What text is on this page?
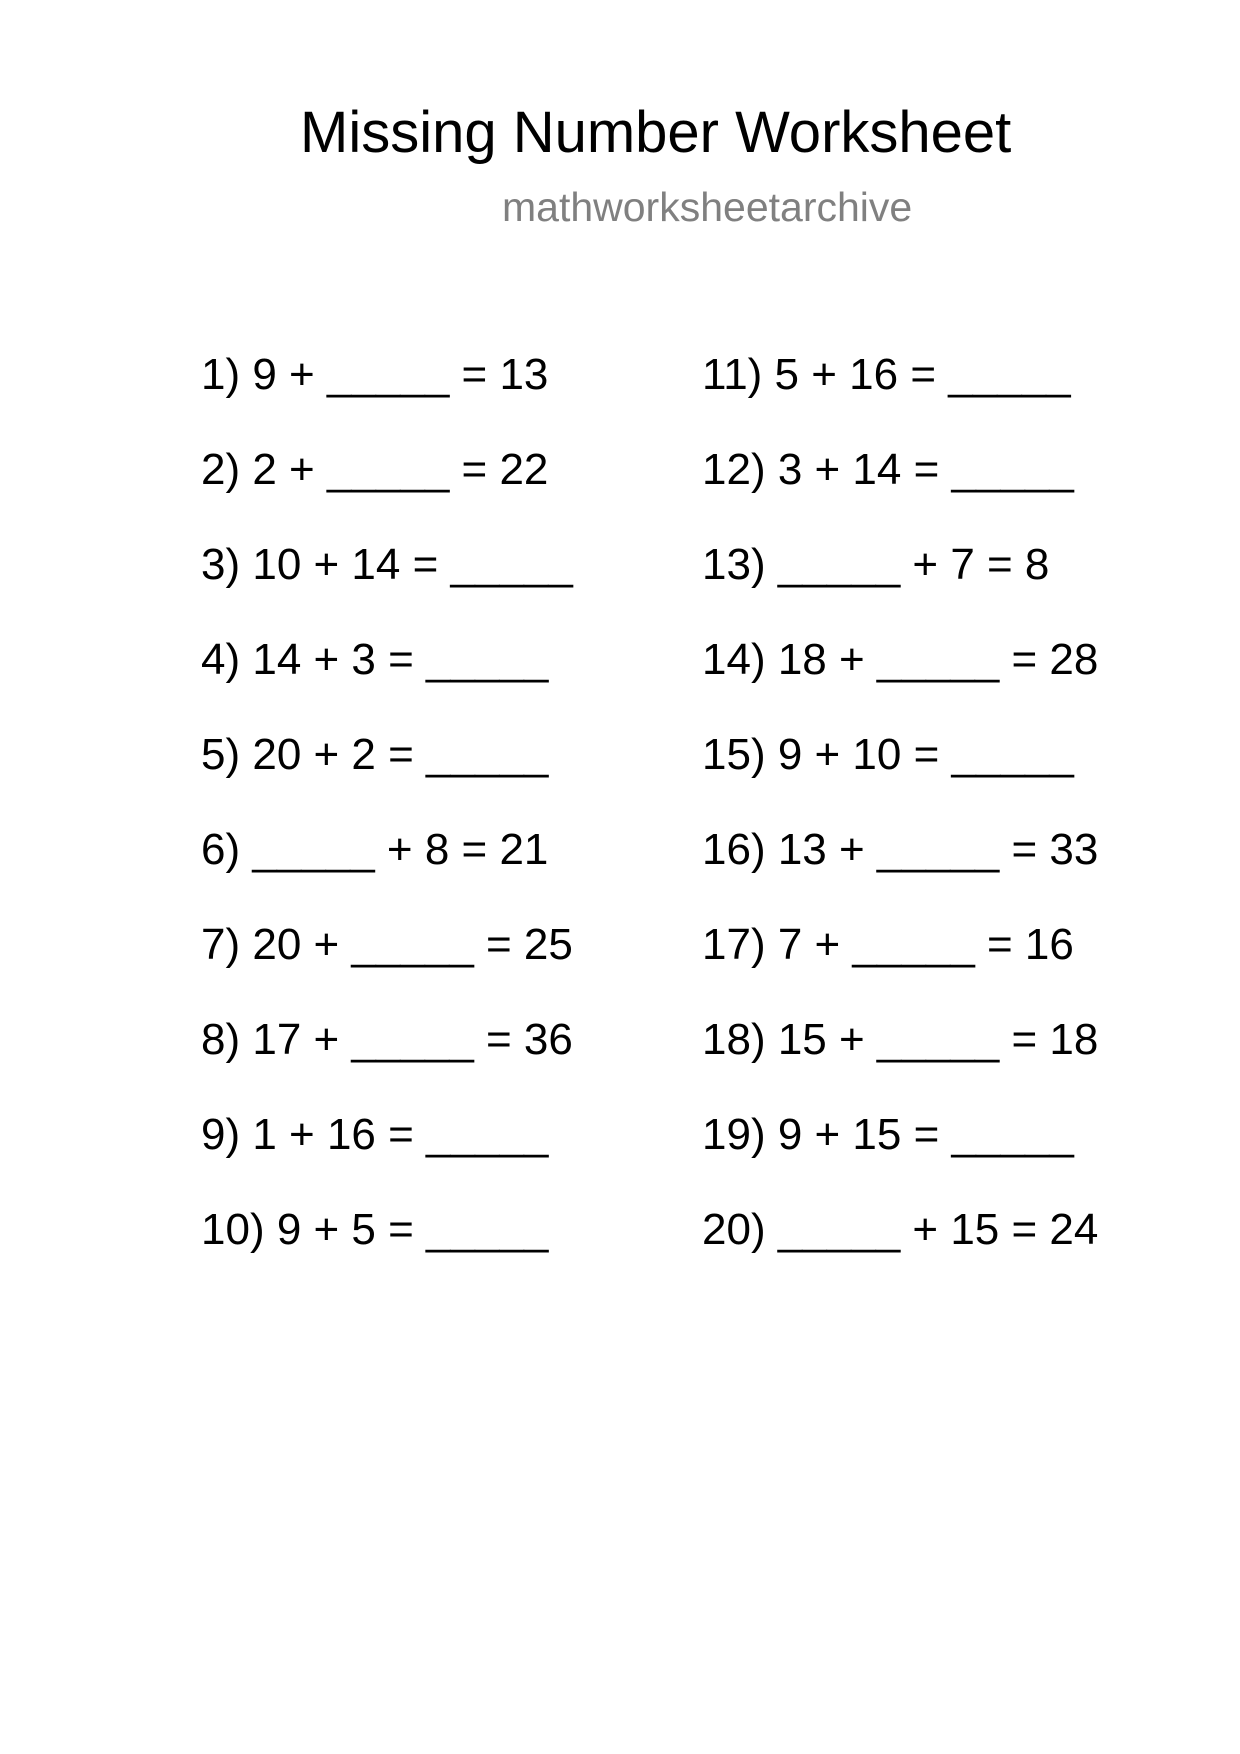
Missing Number Worksheet
mathworksheetarchive
1) 9 + _____ = 13
2) 2 + _____ = 22
3) 10 + 14 = _____
4) 14 + 3 = _____
5) 20 + 2 = _____
6) _____ + 8 = 21
7) 20 + _____ = 25
8) 17 + _____ = 36
9) 1 + 16 = _____
10) 9 + 5 = _____
11) 5 + 16 = _____
12) 3 + 14 = _____
13) _____ + 7 = 8
14) 18 + _____ = 28
15) 9 + 10 = _____
16) 13 + _____ = 33
17) 7 + _____ = 16
18) 15 + _____ = 18
19) 9 + 15 = _____
20) _____ + 15 = 24
